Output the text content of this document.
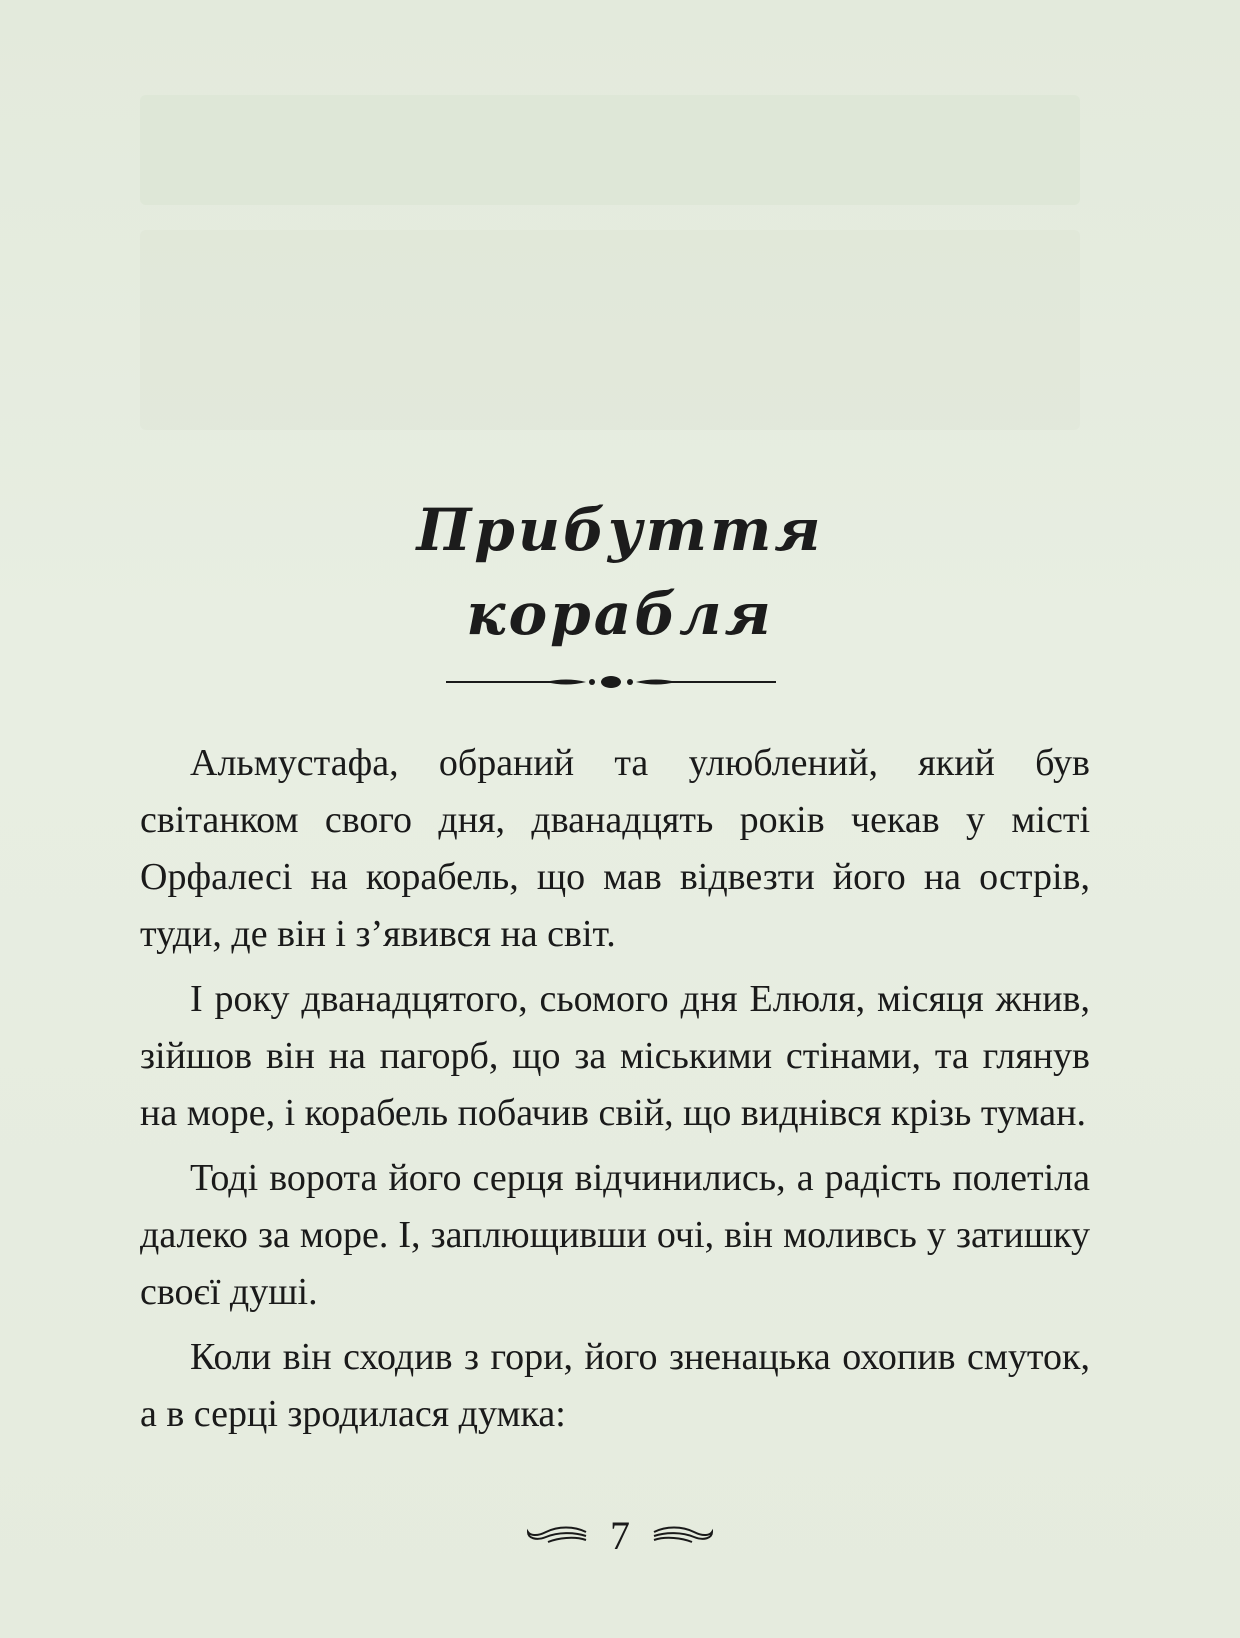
Прибуття
корабля

Альмустафа, обраний та улюблений, який був світанком свого дня, дванадцять років чекав у місті Орфалесі на корабель, що мав відвезти його на острів, туди, де він і з’явився на світ.

І року дванадцятого, сьомого дня Елюля, місяця жнив, зійшов він на пагорб, що за міськими стінами, та глянув на море, і корабель побачив свій, що виднівся крізь туман.

Тоді ворота його серця відчинились, а радість полетіла далеко за море. І, заплющивши очі, він моливсь у затишку своєї душі.

Коли він сходив з гори, його зненацька охопив смуток, а в серці зродилася думка:

7
